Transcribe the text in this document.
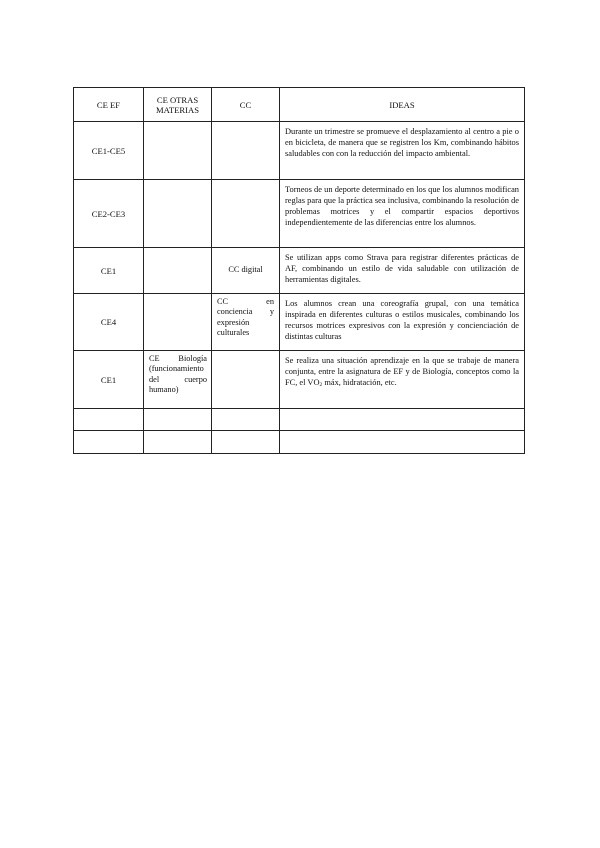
CE EF	CE OTRAS MATERIAS	CC	IDEAS
CE1-CE5			Durante un trimestre se promueve el desplazamiento al centro a pie o en bicicleta, de manera que se registren los Km, combinando hábitos saludables con con la reducción del impacto ambiental.

CE2-CE3			Torneos de un deporte determinado en los que los alumnos modifican reglas para que la práctica sea inclusiva, combinando la resolución de problemas motrices y el compartir espacios deportivos independientemente de las diferencias entre los alumnos.

CE1		CC digital	Se utilizan apps como Strava para registrar diferentes prácticas de AF, combinando un estilo de vida saludable con utilización de herramientas digitales.

CE4		CC en conciencia y expresión culturales	Los alumnos crean una coreografía grupal, con una temática inspirada en diferentes culturas o estilos musicales, combinando los recursos motrices expresivos con la expresión y concienciación de distintas culturas

CE1	CE Biología (funcionamiento del cuerpo humano)		Se realiza una situación aprendizaje en la que se trabaje de manera conjunta, entre la asignatura de EF y de Biología, conceptos como la FC, el $VO_2$ máx, hidratación, etc.
